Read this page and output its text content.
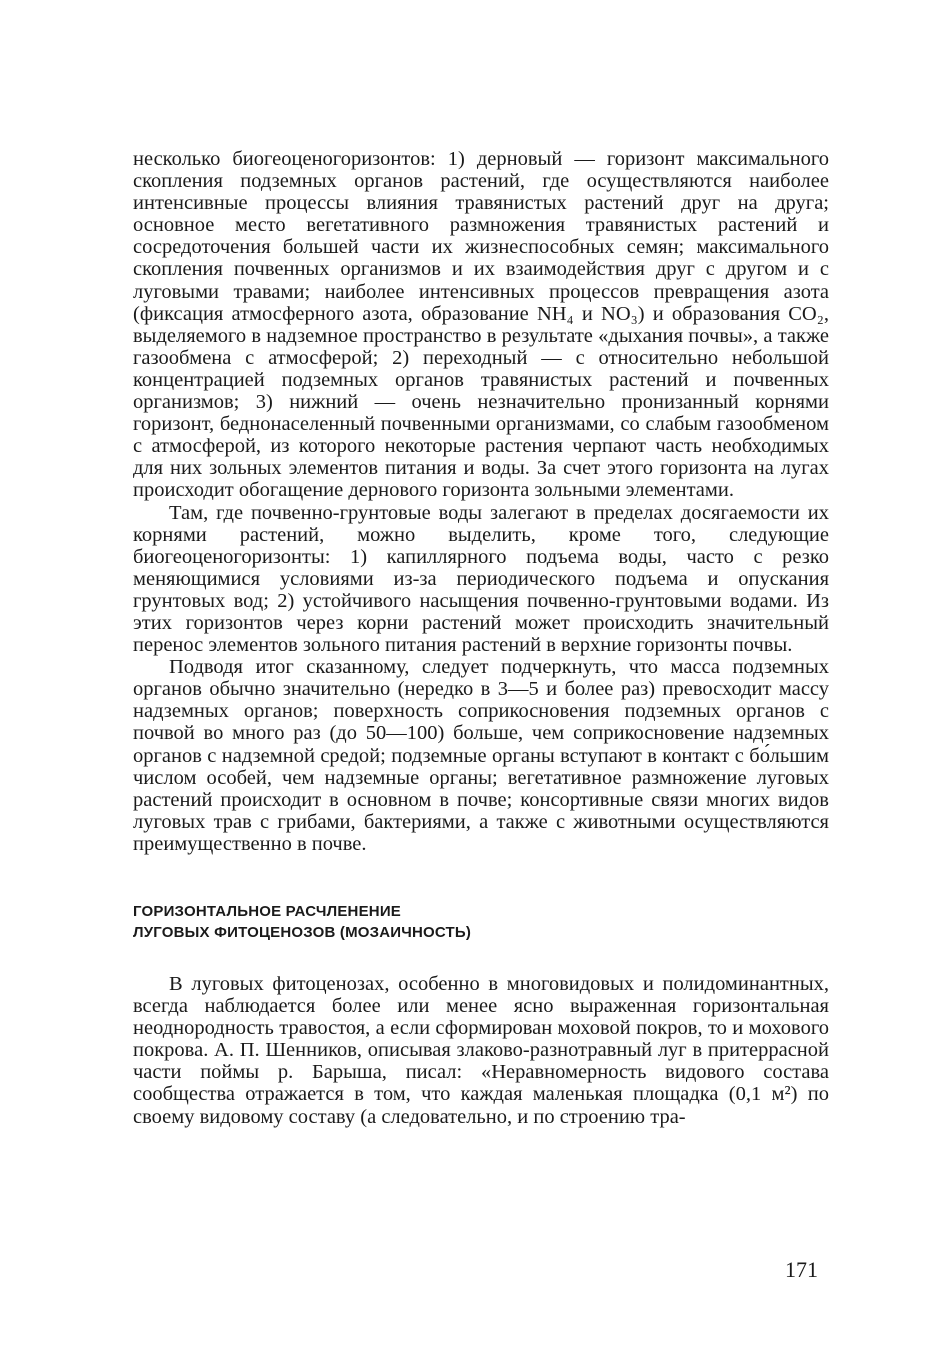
несколько биогеоценогоризонтов: 1) дерновый — горизонт максимального скопления подземных органов растений, где осуществляются наиболее интенсивные процессы влияния травянистых растений друг на друга; основное место вегетативного размножения травянистых растений и сосредоточения большей части их жизнеспособных семян; максимального скопления почвенных организмов и их взаимодействия друг с другом и с луговыми травами; наиболее интенсивных процессов превращения азота (фиксация атмосферного азота, образование NH₄ и NO₃) и образования CO₂, выделяемого в надземное пространство в результате «дыхания почвы», а также газообмена с атмосферой; 2) переходный — с относительно небольшой концентрацией подземных органов травянистых растений и почвенных организмов; 3) нижний — очень незначительно пронизанный корнями горизонт, беднонаселенный почвенными организмами, со слабым газообменом с атмосферой, из которого некоторые растения черпают часть необходимых для них зольных элементов питания и воды. За счет этого горизонта на лугах происходит обогащение дернового горизонта зольными элементами.

Там, где почвенно-грунтовые воды залегают в пределах досягаемости их корнями растений, можно выделить, кроме того, следующие биогеоценогоризонты: 1) капиллярного подъема воды, часто с резко меняющимися условиями из-за периодического подъема и опускания грунтовых вод; 2) устойчивого насыщения почвенно-грунтовыми водами. Из этих горизонтов через корни растений может происходить значительный перенос элементов зольного питания растений в верхние горизонты почвы.

Подводя итог сказанному, следует подчеркнуть, что масса подземных органов обычно значительно (нередко в 3—5 и более раз) превосходит массу надземных органов; поверхность соприкосновения подземных органов с почвой во много раз (до 50—100) больше, чем соприкосновение надземных органов с надземной средой; подземные органы вступают в контакт с бо́льшим числом особей, чем надземные органы; вегетативное размножение луговых растений происходит в основном в почве; консортивные связи многих видов луговых трав с грибами, бактериями, а также с животными осуществляются преимущественно в почве.

ГОРИЗОНТАЛЬНОЕ РАСЧЛЕНЕНИЕ

ЛУГОВЫХ ФИТОЦЕНОЗОВ (МОЗАИЧНОСТЬ)

В луговых фитоценозах, особенно в многовидовых и полидоминантных, всегда наблюдается более или менее ясно выраженная горизонтальная неоднородность травостоя, а если сформирован моховой покров, то и мохового покрова. А. П. Шенников, описывая злаково-разнотравный луг в притеррасной части поймы р. Барыша, писал: «Неравномерность видового состава сообщества отражается в том, что каждая маленькая площадка (0,1 м²) по своему видовому составу (а следовательно, и по строению тра-

171
